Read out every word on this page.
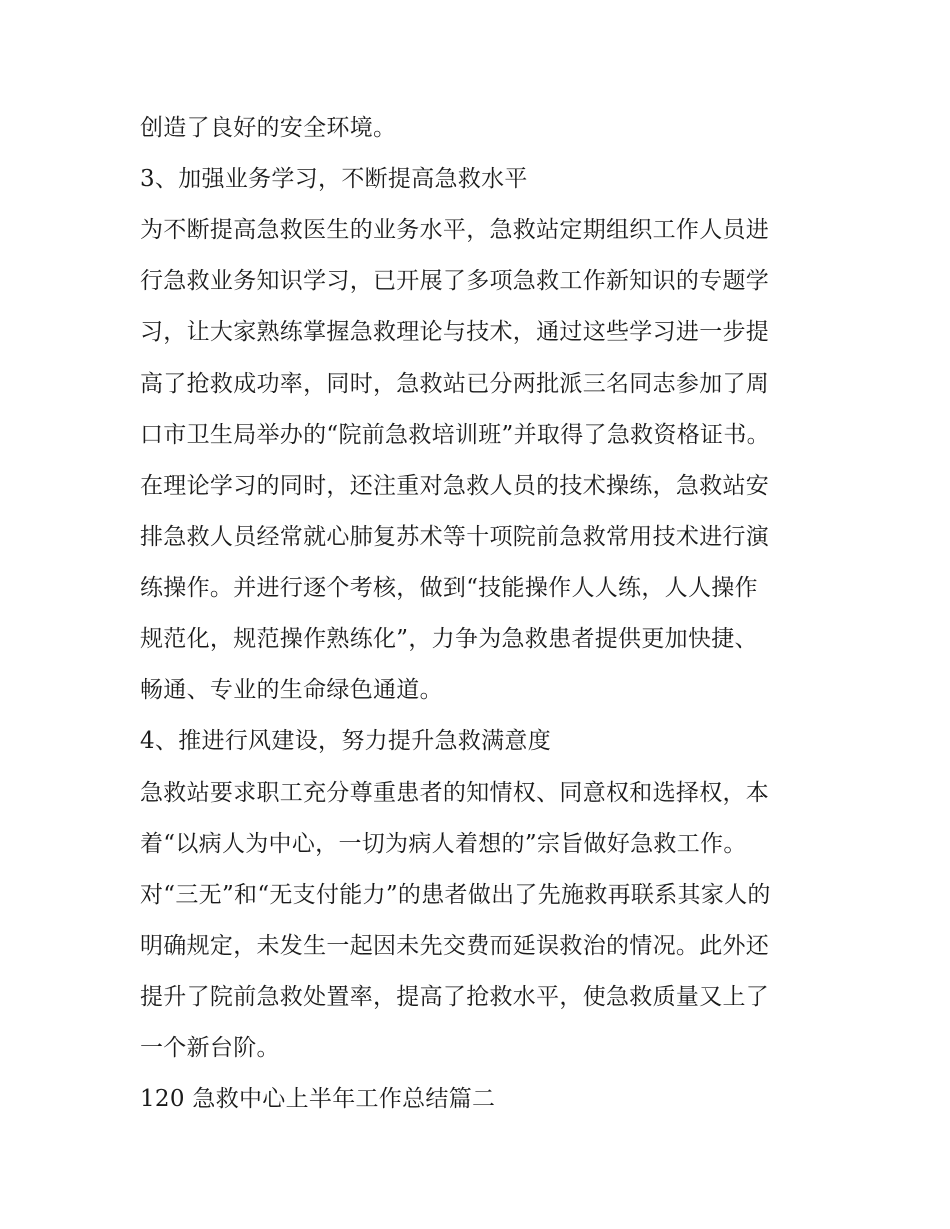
创造了良好的安全环境。
3、加强业务学习，不断提高急救水平
为不断提高急救医生的业务水平，急救站定期组织工作人员进
行急救业务知识学习，已开展了多项急救工作新知识的专题学
习，让大家熟练掌握急救理论与技术，通过这些学习进一步提
高了抢救成功率，同时，急救站已分两批派三名同志参加了周
口市卫生局举办的“院前急救培训班”并取得了急救资格证书。
在理论学习的同时，还注重对急救人员的技术操练，急救站安
排急救人员经常就心肺复苏术等十项院前急救常用技术进行演
练操作。并进行逐个考核，做到“技能操作人人练，人人操作
规范化，规范操作熟练化”，力争为急救患者提供更加快捷、
畅通、专业的生命绿色通道。
4、推进行风建设，努力提升急救满意度
急救站要求职工充分尊重患者的知情权、同意权和选择权，本
着“以病人为中心，一切为病人着想的”宗旨做好急救工作。
对“三无”和“无支付能力”的患者做出了先施救再联系其家人的
明确规定，未发生一起因未先交费而延误救治的情况。此外还
提升了院前急救处置率，提高了抢救水平，使急救质量又上了
一个新台阶。
120 急救中心上半年工作总结篇二
